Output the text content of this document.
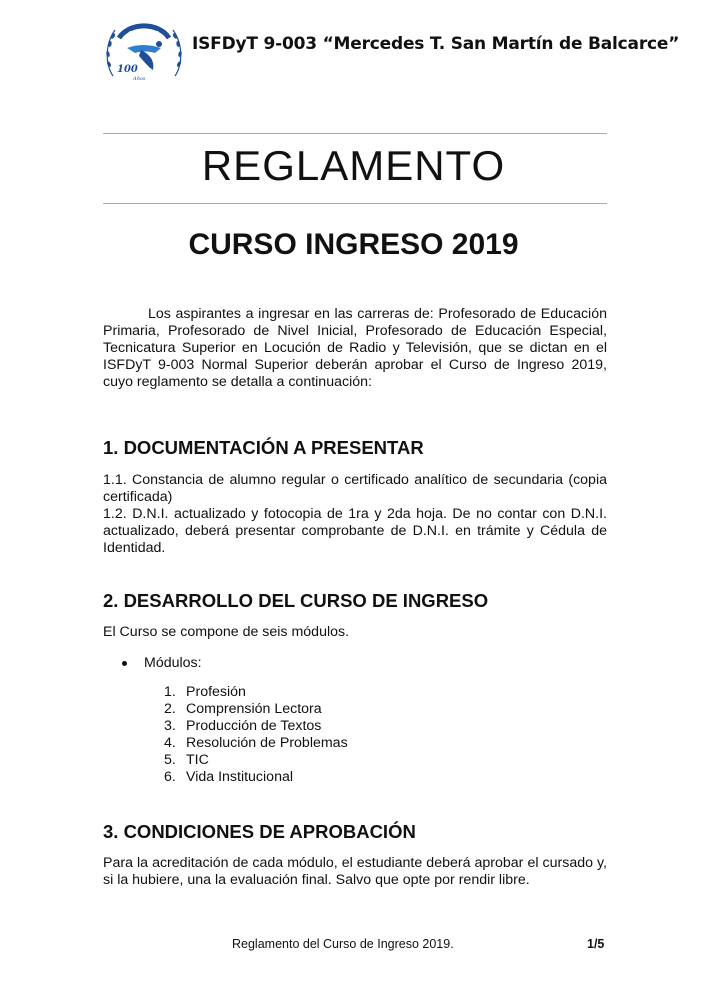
1915 - 2015
100
Años
ISFDyT 9-003 “Mercedes T. San Martín de Balcarce”
REGLAMENTO
CURSO INGRESO 2019
Los aspirantes a ingresar en las carreras de: Profesorado de Educación Primaria, Profesorado de Nivel Inicial, Profesorado de Educación Especial, Tecnicatura Superior en Locución de Radio y Televisión, que se dictan en el ISFDyT 9-003 Normal Superior deberán aprobar el Curso de Ingreso 2019, cuyo reglamento se detalla a continuación:
1. DOCUMENTACIÓN A PRESENTAR
1.1. Constancia de alumno regular o certificado analítico de secundaria (copia certificada)
1.2. D.N.I. actualizado y fotocopia de 1ra y 2da hoja. De no contar con D.N.I. actualizado, deberá presentar comprobante de D.N.I. en trámite y Cédula de Identidad.
2. DESARROLLO DEL CURSO DE INGRESO
El Curso se compone de seis módulos.
Módulos:
1. Profesión
2. Comprensión Lectora
3. Producción de Textos
4. Resolución de Problemas
5. TIC
6. Vida Institucional
3. CONDICIONES DE APROBACIÓN
Para la acreditación de cada módulo, el estudiante deberá aprobar el cursado y, si la hubiere, una la evaluación final. Salvo que opte por rendir libre.
Reglamento del Curso de Ingreso 2019.	1/5
